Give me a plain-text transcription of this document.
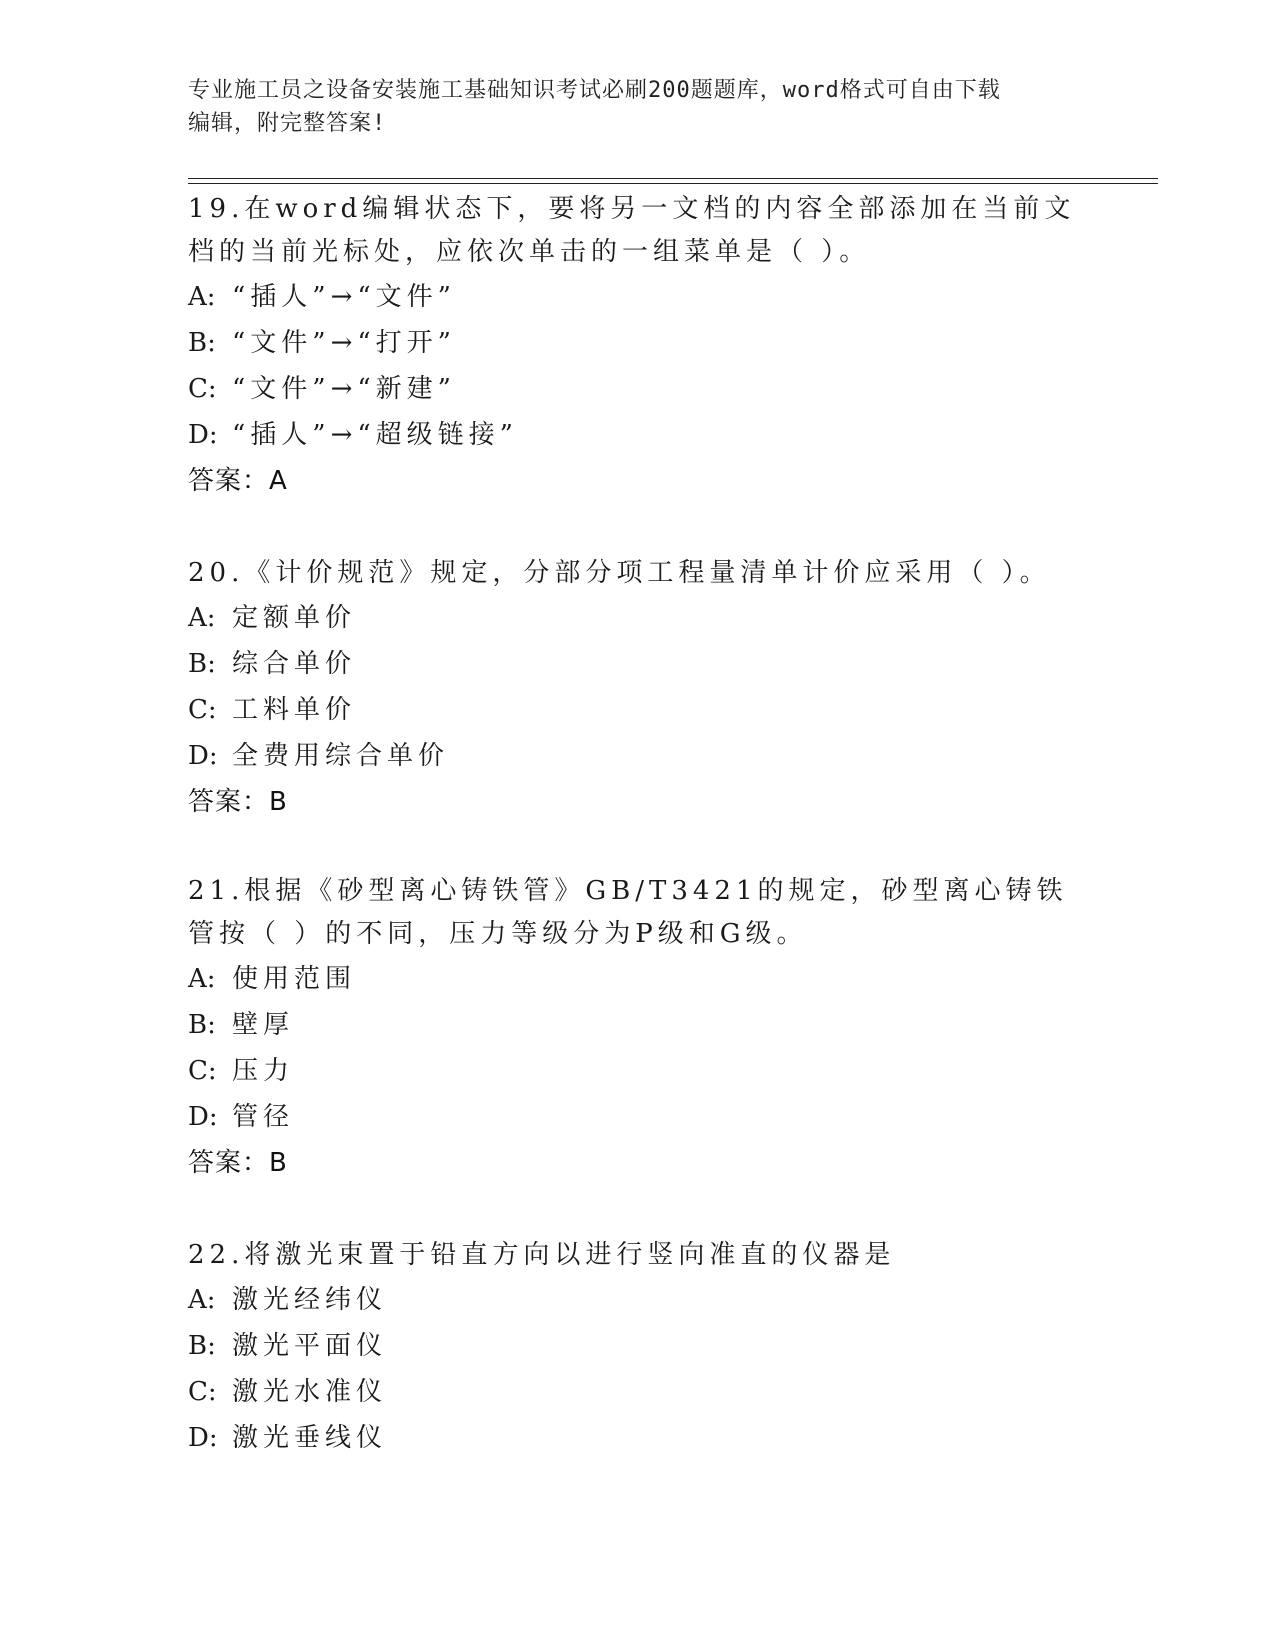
专业施工员之设备安装施工基础知识考试必刷200题题库，word格式可自由下载
编辑，附完整答案!

19.在word编辑状态下，要将另一文档的内容全部添加在当前文档的当前光标处，应依次单击的一组菜单是（ ）。

A: “插人”→“文件”
B: “文件”→“打开”
C: “文件”→“新建”
D: “插人”→“超级链接”
答案：A

20.《计价规范》规定，分部分项工程量清单计价应采用（ ）。

A: 定额单价
B: 综合单价
C: 工料单价
D: 全费用综合单价
答案：B

21.根据《砂型离心铸铁管》GB/T3421的规定，砂型离心铸铁管按（ ）的不同，压力等级分为P级和G级。

A: 使用范围
B: 壁厚
C: 压力
D: 管径
答案：B

22.将激光束置于铅直方向以进行竖向准直的仪器是

A: 激光经纬仪
B: 激光平面仪
C: 激光水准仪
D: 激光垂线仪
